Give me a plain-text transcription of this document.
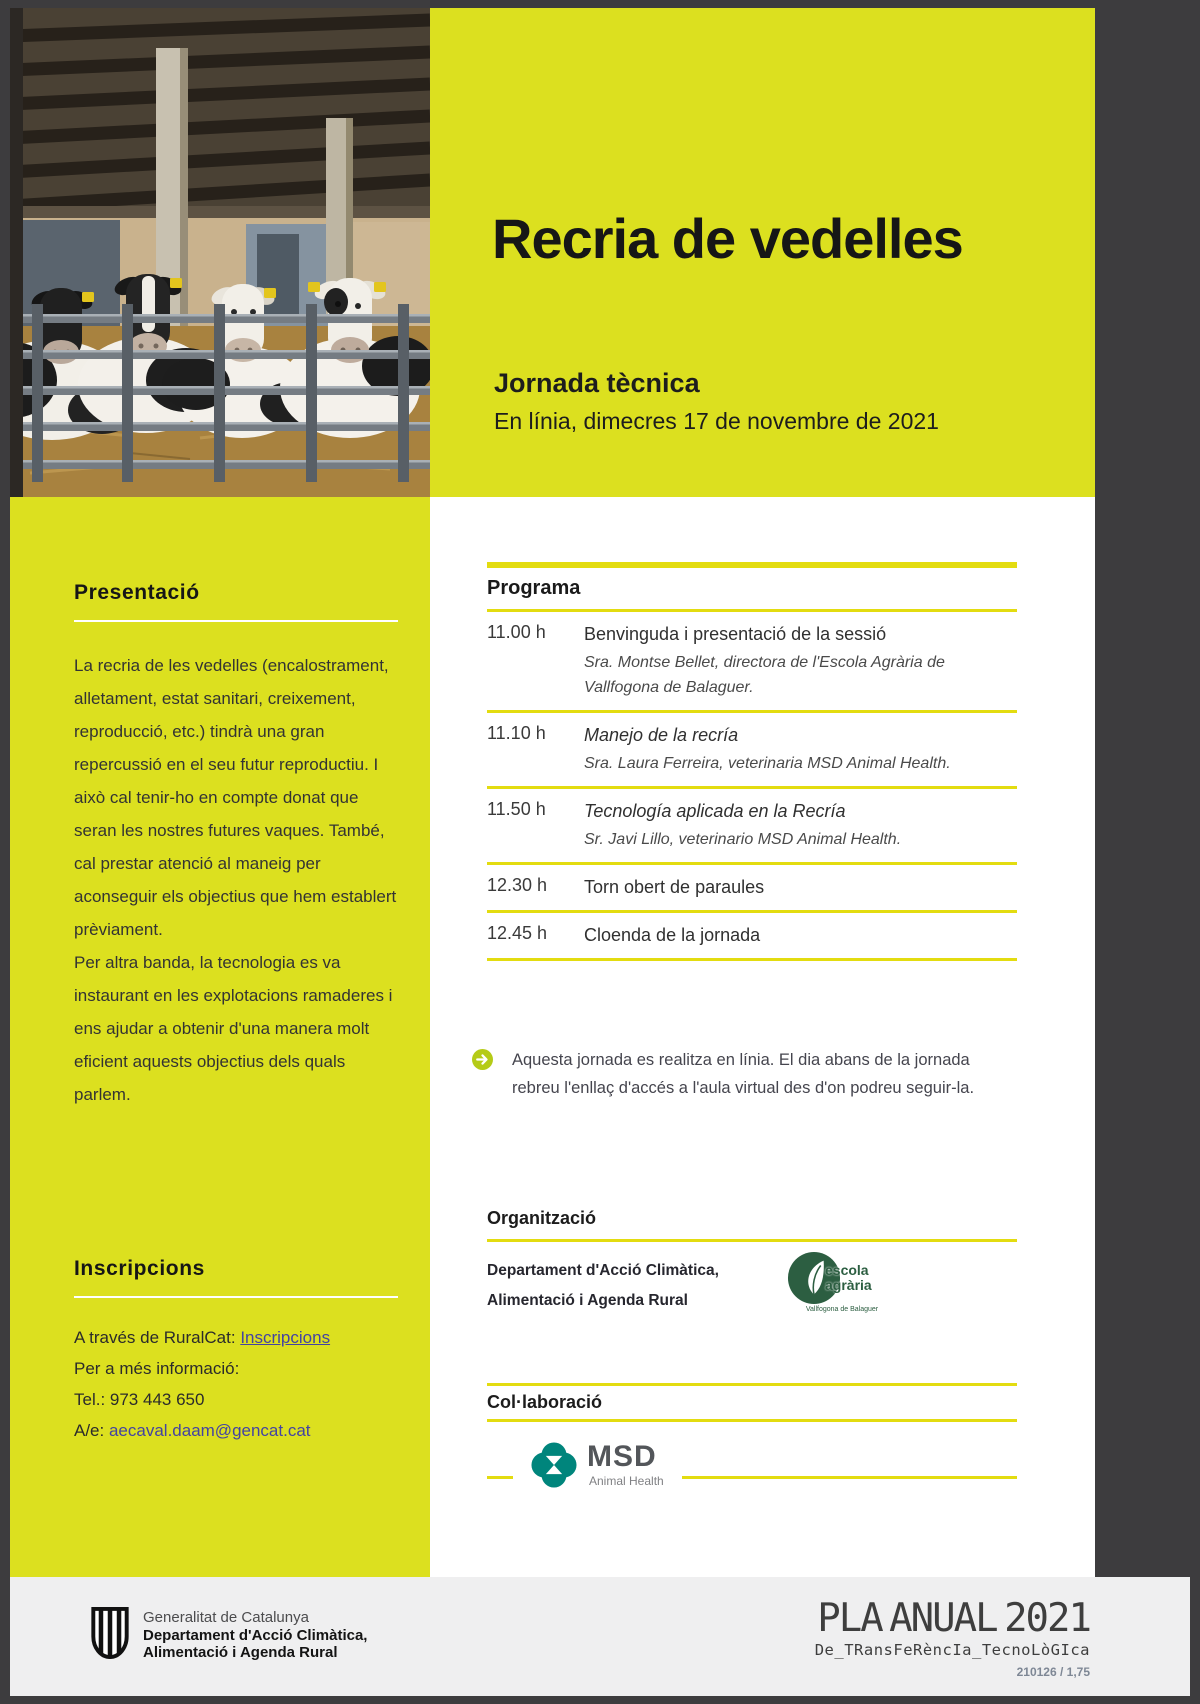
Recria de vedelles
Jornada tècnica
En línia, dimecres 17 de novembre de 2021
Presentació

La recria de les vedelles (encalostrament, alletament, estat sanitari, creixement, reproducció, etc.) tindrà una gran repercussió en el seu futur reproductiu. I això cal tenir-ho en compte donat que seran les nostres futures vaques. També, cal prestar atenció al maneig per aconseguir els objectius que hem establert prèviament.

Per altra banda, la tecnologia es va instaurant en les explotacions ramaderes i ens ajudar a obtenir d'una manera molt eficient aquests objectius dels quals parlem.

Inscripcions

A través de RuralCat: Inscripcions

Per a més informació:

Tel.: 973 443 650

A/e: aecaval.daam@gencat.cat

Programa
11.00 h	Benvinguda i presentació de la sessió
Sra. Montse Bellet, directora de l'Escola Agrària de Vallfogona de Balaguer.
11.10 h	Manejo de la recría
Sra. Laura Ferreira, veterinaria MSD Animal Health.
11.50 h	Tecnología aplicada en la Recría
Sr. Javi Lillo, veterinario MSD Animal Health.
12.30 h	Torn obert de paraules
12.45 h	Cloenda de la jornada

Aquesta jornada es realitza en línia. El dia abans de la jornada rebreu l'enllaç d'accés a l'aula virtual des d'on podreu seguir-la.

Organització
Departament d'Acció Climàtica,
Alimentació i Agenda Rural
escola
agrària
Vallfogona de Balaguer
Col·laboració
MSD
Animal Health
Generalitat de Catalunya
Departament d'Acció Climàtica,
Alimentació i Agenda Rural
PLA ANUAL 2021
De_TRansFeRèncIa_TecnoLòGIca
210126 / 1,75
